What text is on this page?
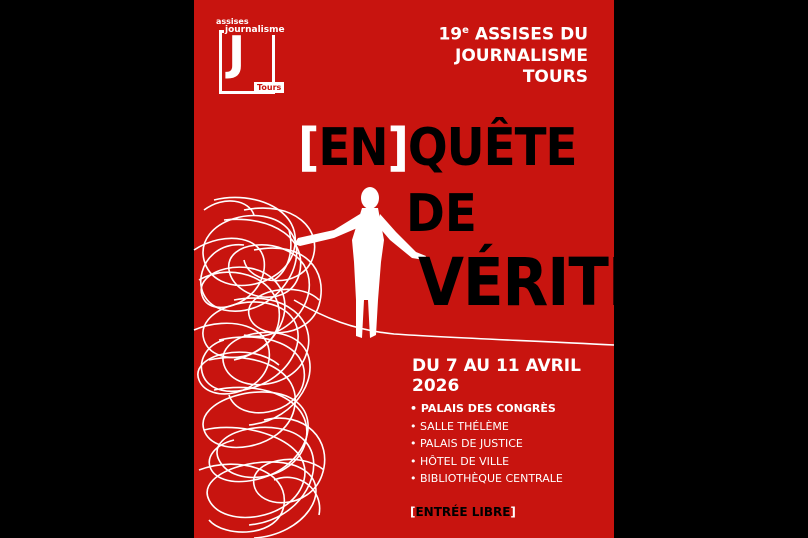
assises
journalisme
J
Tours
19e ASSISES DU
JOURNALISME
TOURS
[EN]QUÊTE
DE
VÉRITÉ
DU 7 AU 11 AVRIL 2026
• PALAIS DES CONGRÈS
• SALLE THÉLÈME
• PALAIS DE JUSTICE
• HÔTEL DE VILLE
• BIBLIOTHÈQUE CENTRALE
[ENTRÉE LIBRE]
